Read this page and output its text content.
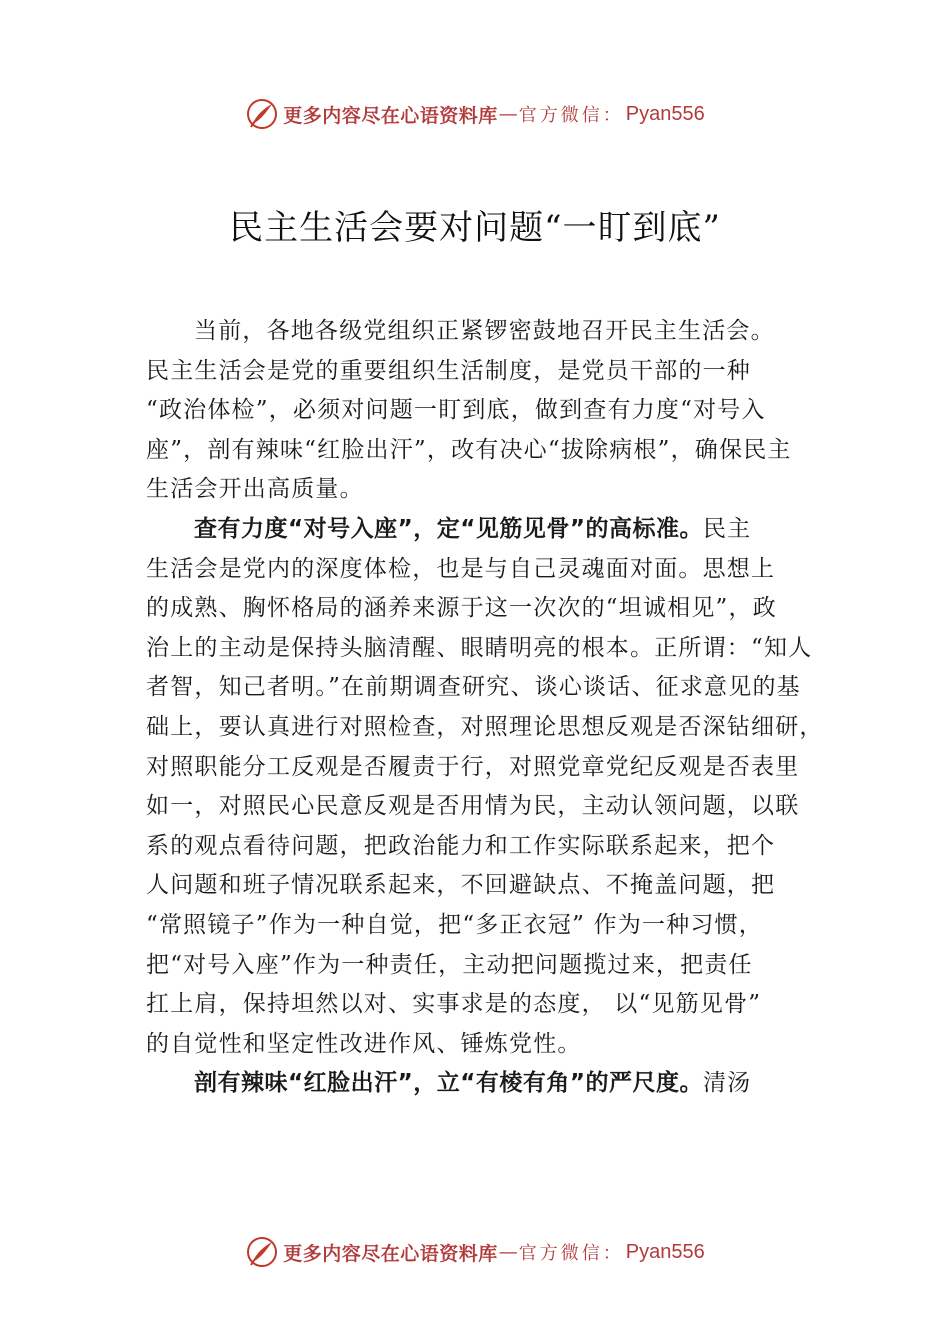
更多内容尽在心语资料库 — 官方微信： Pyan556
民主生活会要对问题“一盯到底”
当前，各地各级党组织正紧锣密鼓地召开民主生活会。
民主生活会是党的重要组织生活制度，是党员干部的一种
“政治体检”，必须对问题一盯到底，做到查有力度“对号入
座”，剖有辣味“红脸出汗”，改有决心“拔除病根”，确保民主
生活会开出高质量。
查有力度“对号入座”，定“见筋见骨”的高标准。民主
生活会是党内的深度体检，也是与自己灵魂面对面。思想上
的成熟、胸怀格局的涵养来源于这一次次的“坦诚相见”，政
治上的主动是保持头脑清醒、眼睛明亮的根本。正所谓：“知人
者智，知己者明。”在前期调查研究、谈心谈话、征求意见的基
础上，要认真进行对照检查，对照理论思想反观是否深钻细研，
对照职能分工反观是否履责于行，对照党章党纪反观是否表里
如一，对照民心民意反观是否用情为民，主动认领问题，以联
系的观点看待问题，把政治能力和工作实际联系起来，把个
人问题和班子情况联系起来，不回避缺点、不掩盖问题，把
“常照镜子”作为一种自觉，把“多正衣冠” 作为一种习惯，
把“对号入座”作为一种责任，主动把问题揽过来，把责任
扛上肩，保持坦然以对、实事求是的态度， 以“见筋见骨”
的自觉性和坚定性改进作风、锤炼党性。
剖有辣味“红脸出汗”，立“有棱有角”的严尺度。清汤
更多内容尽在心语资料库 — 官方微信： Pyan556
